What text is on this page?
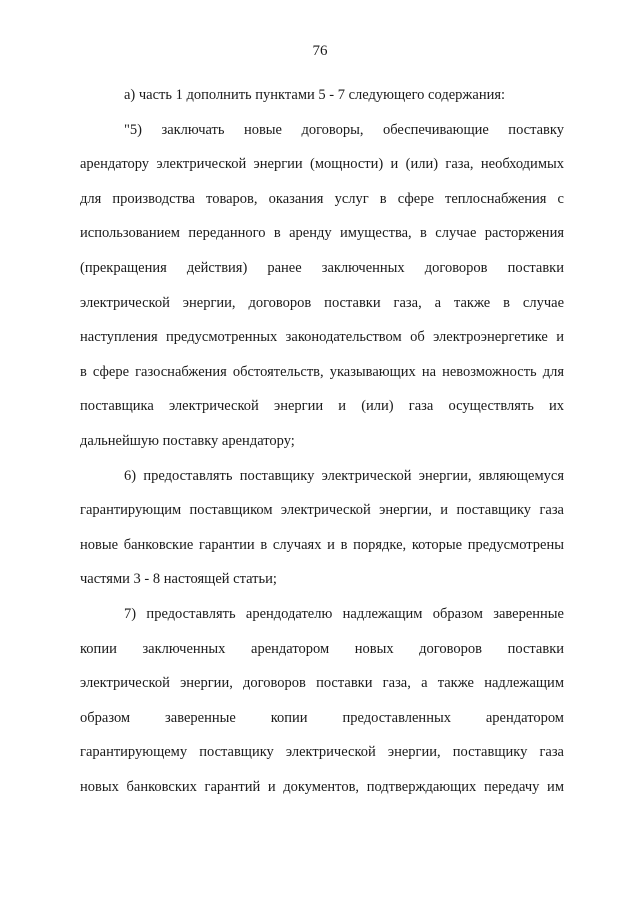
76
а) часть 1 дополнить пунктами 5 - 7 следующего содержания:
"5) заключать новые договоры, обеспечивающие поставку
арендатору электрической энергии (мощности) и (или) газа, необходимых
для производства товаров, оказания услуг в сфере теплоснабжения с
использованием переданного в аренду имущества, в случае расторжения
(прекращения действия) ранее заключенных договоров поставки
электрической энергии, договоров поставки газа, а также в случае
наступления предусмотренных законодательством об электроэнергетике и
в сфере газоснабжения обстоятельств, указывающих на невозможность для
поставщика электрической энергии и (или) газа осуществлять их
дальнейшую поставку арендатору;
6) предоставлять поставщику электрической энергии, являющемуся
гарантирующим поставщиком электрической энергии, и поставщику газа
новые банковские гарантии в случаях и в порядке, которые предусмотрены
частями 3 - 8 настоящей статьи;
7) предоставлять арендодателю надлежащим образом заверенные
копии заключенных арендатором новых договоров поставки
электрической энергии, договоров поставки газа, а также надлежащим
образом заверенные копии предоставленных арендатором
гарантирующему поставщику электрической энергии, поставщику газа
новых банковских гарантий и документов, подтверждающих передачу им
